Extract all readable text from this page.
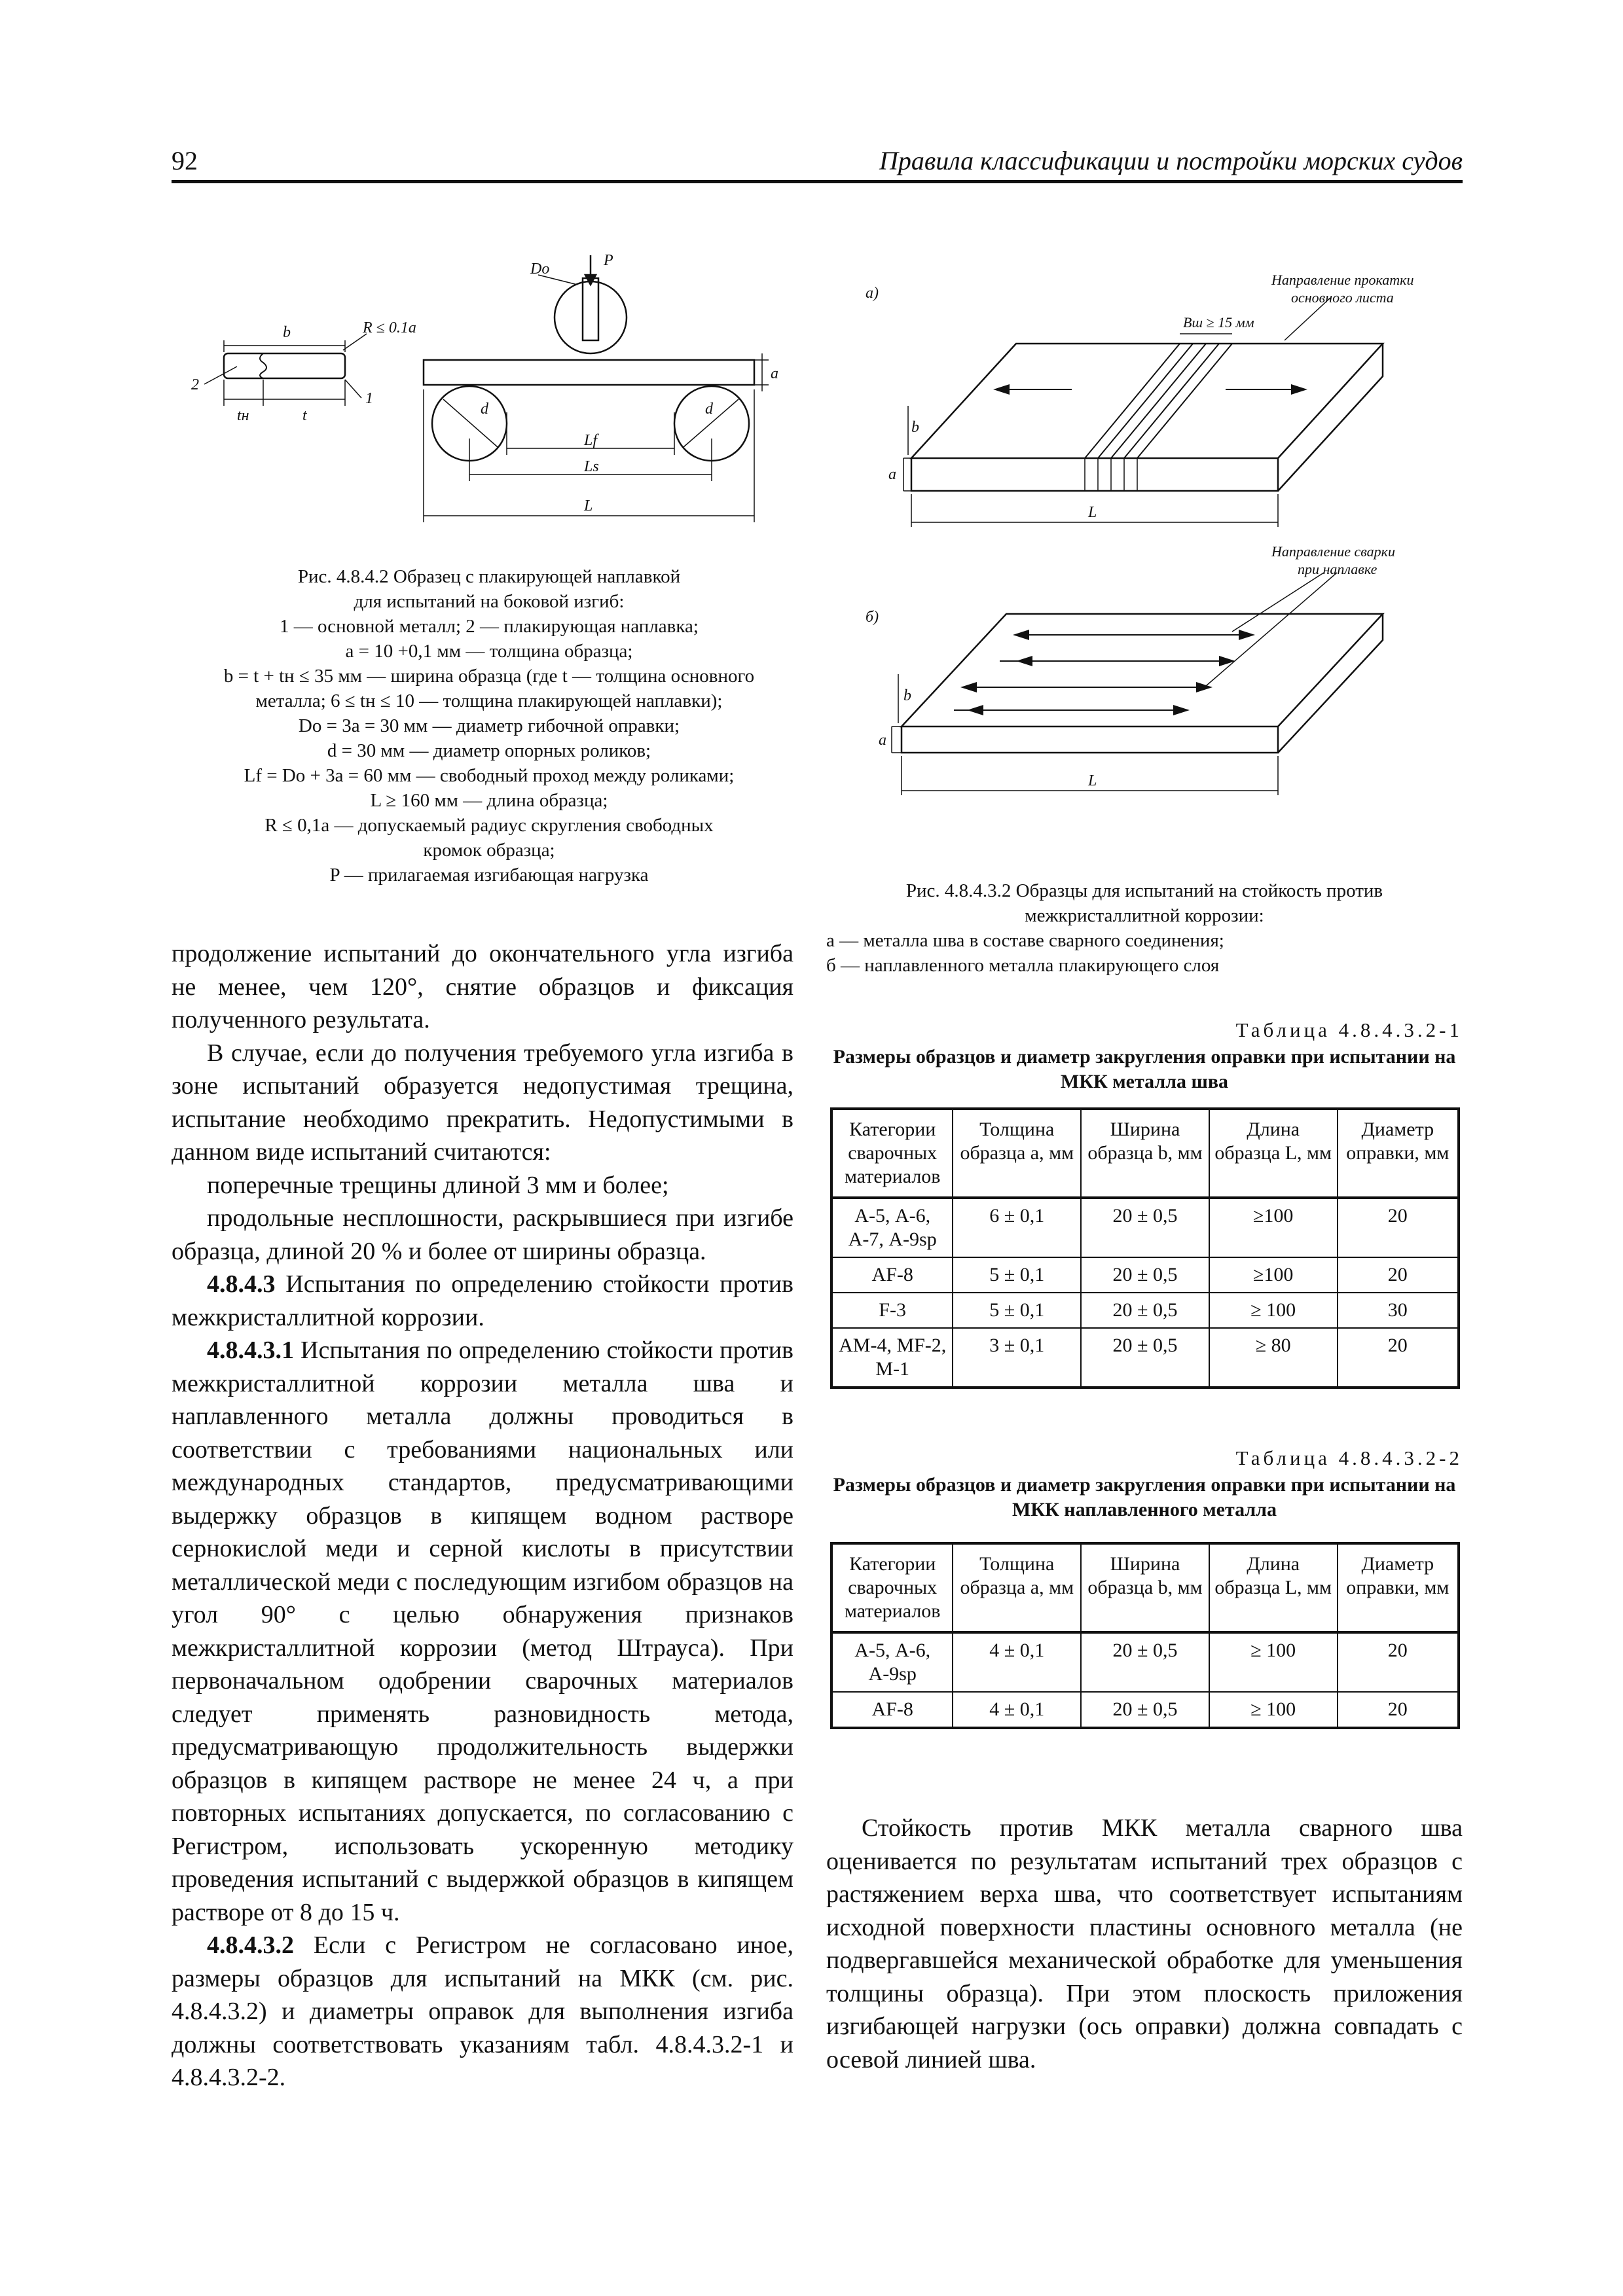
92	Правила классификации и постройки морских судов
b	R ≤ 0.1a
2
1
tн	t
Do	P
a
d	d
Lf
Ls
L
Рис. 4.8.4.2 Образец с плакирующей наплавкой
для испытаний на боковой изгиб:
1 — основной металл; 2 — плакирующая наплавка;
a = 10 +0,1 мм — толщина образца;
b = t + tн ≤ 35 мм — ширина образца (где t — толщина основного
металла; 6 ≤ tн ≤ 10 — толщина плакирующей наплавки);
Dо = 3a = 30 мм — диаметр гибочной оправки;
d = 30 мм — диаметр опорных роликов;
Lf = Dо + 3a = 60 мм — свободный проход между роликами;
L ≥ 160 мм — длина образца;
R ≤ 0,1a — допускаемый радиус скругления свободных
кромок образца;
P — прилагаемая изгибающая нагрузка
а)
б)
Направление прокатки
основного листа
Bш ≥ 15 мм
Направление сварки
при наплавке
b
a
L
b
a
L
Рис. 4.8.4.3.2 Образцы для испытаний на стойкость против
межкристаллитной коррозии:
а — металла шва в составе сварного соединения;
б — наплавленного металла плакирующего слоя

продолжение испытаний до окончательного угла изгиба не менее, чем 120°, снятие образцов и фиксация полученного результата.

В случае, если до получения требуемого угла изгиба в зоне испытаний образуется недопустимая трещина, испытание необходимо прекратить. Недопустимыми в данном виде испытаний считаются:

поперечные трещины длиной 3 мм и более;

продольные несплошности, раскрывшиеся при изгибе образца, длиной 20 % и более от ширины образца.

4.8.4.3 Испытания по определению стойкости против межкристаллитной коррозии.

4.8.4.3.1 Испытания по определению стойкости против межкристаллитной коррозии металла шва и наплавленного металла должны проводиться в соответствии с требованиями национальных или международных стандартов, предусматривающими выдержку образцов в кипящем водном растворе сернокислой меди и серной кислоты в присутствии металлической меди с последующим изгибом образцов на угол 90° с целью обнаружения признаков межкристаллитной коррозии (метод Штрауса). При первоначальном одобрении сварочных материалов следует применять разновидность метода, предусматривающую продолжительность выдержки образцов в кипящем растворе не менее 24 ч, а при повторных испытаниях допускается, по согласованию с Регистром, использовать ускоренную методику проведения испытаний с выдержкой образцов в кипящем растворе от 8 до 15 ч.

4.8.4.3.2 Если с Регистром не согласовано иное, размеры образцов для испытаний на МКК (см. рис. 4.8.4.3.2) и диаметры оправок для выполнения изгиба должны соответствовать указаниям табл. 4.8.4.3.2-1 и 4.8.4.3.2-2.

Таблица 4.8.4.3.2-1
Размеры образцов и диаметр закругления оправки при испытании на МКК металла шва
Категории сварочных материалов	Толщина образца a, мм	Ширина образца b, мм	Длина образца L, мм	Диаметр оправки, мм
А-5, А-6, А-7, А-9sp	6 ± 0,1	20 ± 0,5	≥100	20
AF-8	5 ± 0,1	20 ± 0,5	≥100	20
F-3	5 ± 0,1	20 ± 0,5	≥ 100	30
АМ-4, MF-2, M-1	3 ± 0,1	20 ± 0,5	≥ 80	20
Таблица 4.8.4.3.2-2
Размеры образцов и диаметр закругления оправки при испытании на МКК наплавленного металла
Категории сварочных материалов	Толщина образца a, мм	Ширина образца b, мм	Длина образца L, мм	Диаметр оправки, мм
А-5, А-6, А-9sp	4 ± 0,1	20 ± 0,5	≥ 100	20
AF-8	4 ± 0,1	20 ± 0,5	≥ 100	20

Стойкость против МКК металла сварного шва оценивается по результатам испытаний трех образцов с растяжением верха шва, что соответствует испытаниям исходной поверхности пластины основного металла (не подвергавшейся механической обработке для уменьшения толщины образца). При этом плоскость приложения изгибающей нагрузки (ось оправки) должна совпадать с осевой линией шва.
